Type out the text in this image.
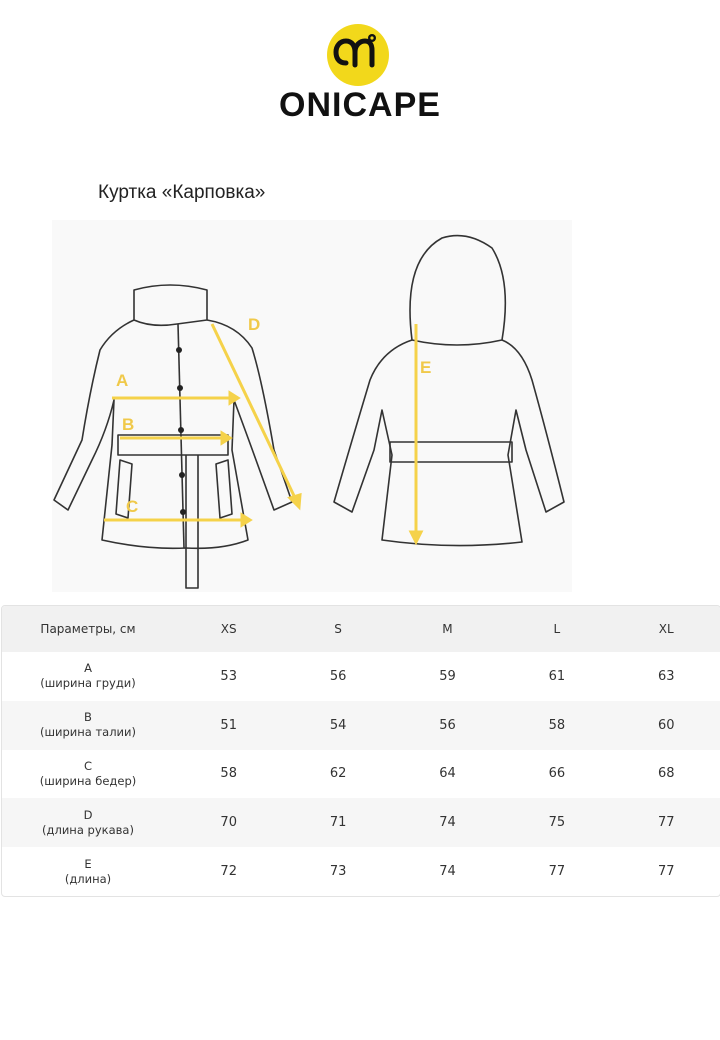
ONICAPE
Куртка «Карповка»
A
B
C
D
E
Параметры, см	XS	S	M	L	XL
A
(ширина груди)	53	56	59	61	63
B
(ширина талии)	51	54	56	58	60
C
(ширина бедер)	58	62	64	66	68
D
(длина рукава)	70	71	74	75	77
E
(длина)	72	73	74	77	77
